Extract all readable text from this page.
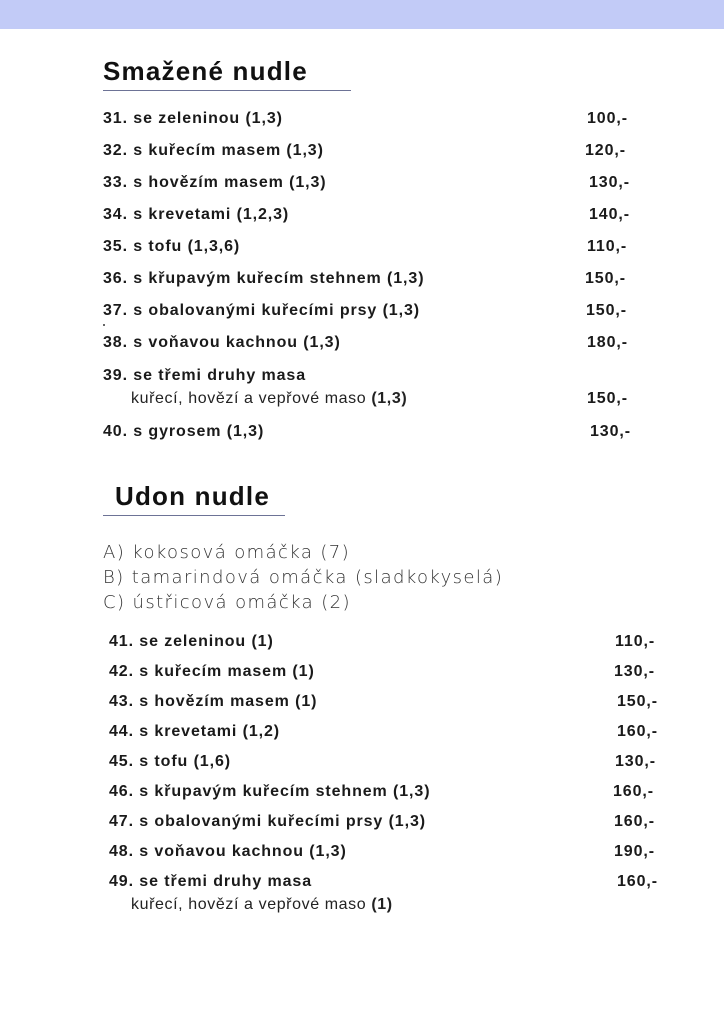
Smažené nudle
31. se zeleninou (1,3)	100,-
32. s kuřecím masem (1,3)	120,-
33. s hovězím masem (1,3)	130,-
34. s krevetami (1,2,3)	140,-
35. s tofu (1,3,6)	110,-
36. s křupavým kuřecím stehnem (1,3)	150,-
37. s obalovanými kuřecími prsy (1,3)	150,-
38. s voňavou kachnou (1,3)	180,-
39. se třemi druhy masa
kuřecí, hovězí a vepřové maso (1,3)	150,-
40. s gyrosem (1,3)	130,-
Udon nudle
A) kokosová omáčka (7)
B) tamarindová omáčka (sladkokyselá)
C) ústřicová omáčka (2)
41. se zeleninou (1)	110,-
42. s kuřecím masem (1)	130,-
43. s hovězím masem (1)	150,-
44. s krevetami (1,2)	160,-
45. s tofu (1,6)	130,-
46. s křupavým kuřecím stehnem (1,3)	160,-
47. s obalovanými kuřecími prsy (1,3)	160,-
48. s voňavou kachnou (1,3)	190,-
49. se třemi druhy masa	160,-
kuřecí, hovězí a vepřové maso (1)
